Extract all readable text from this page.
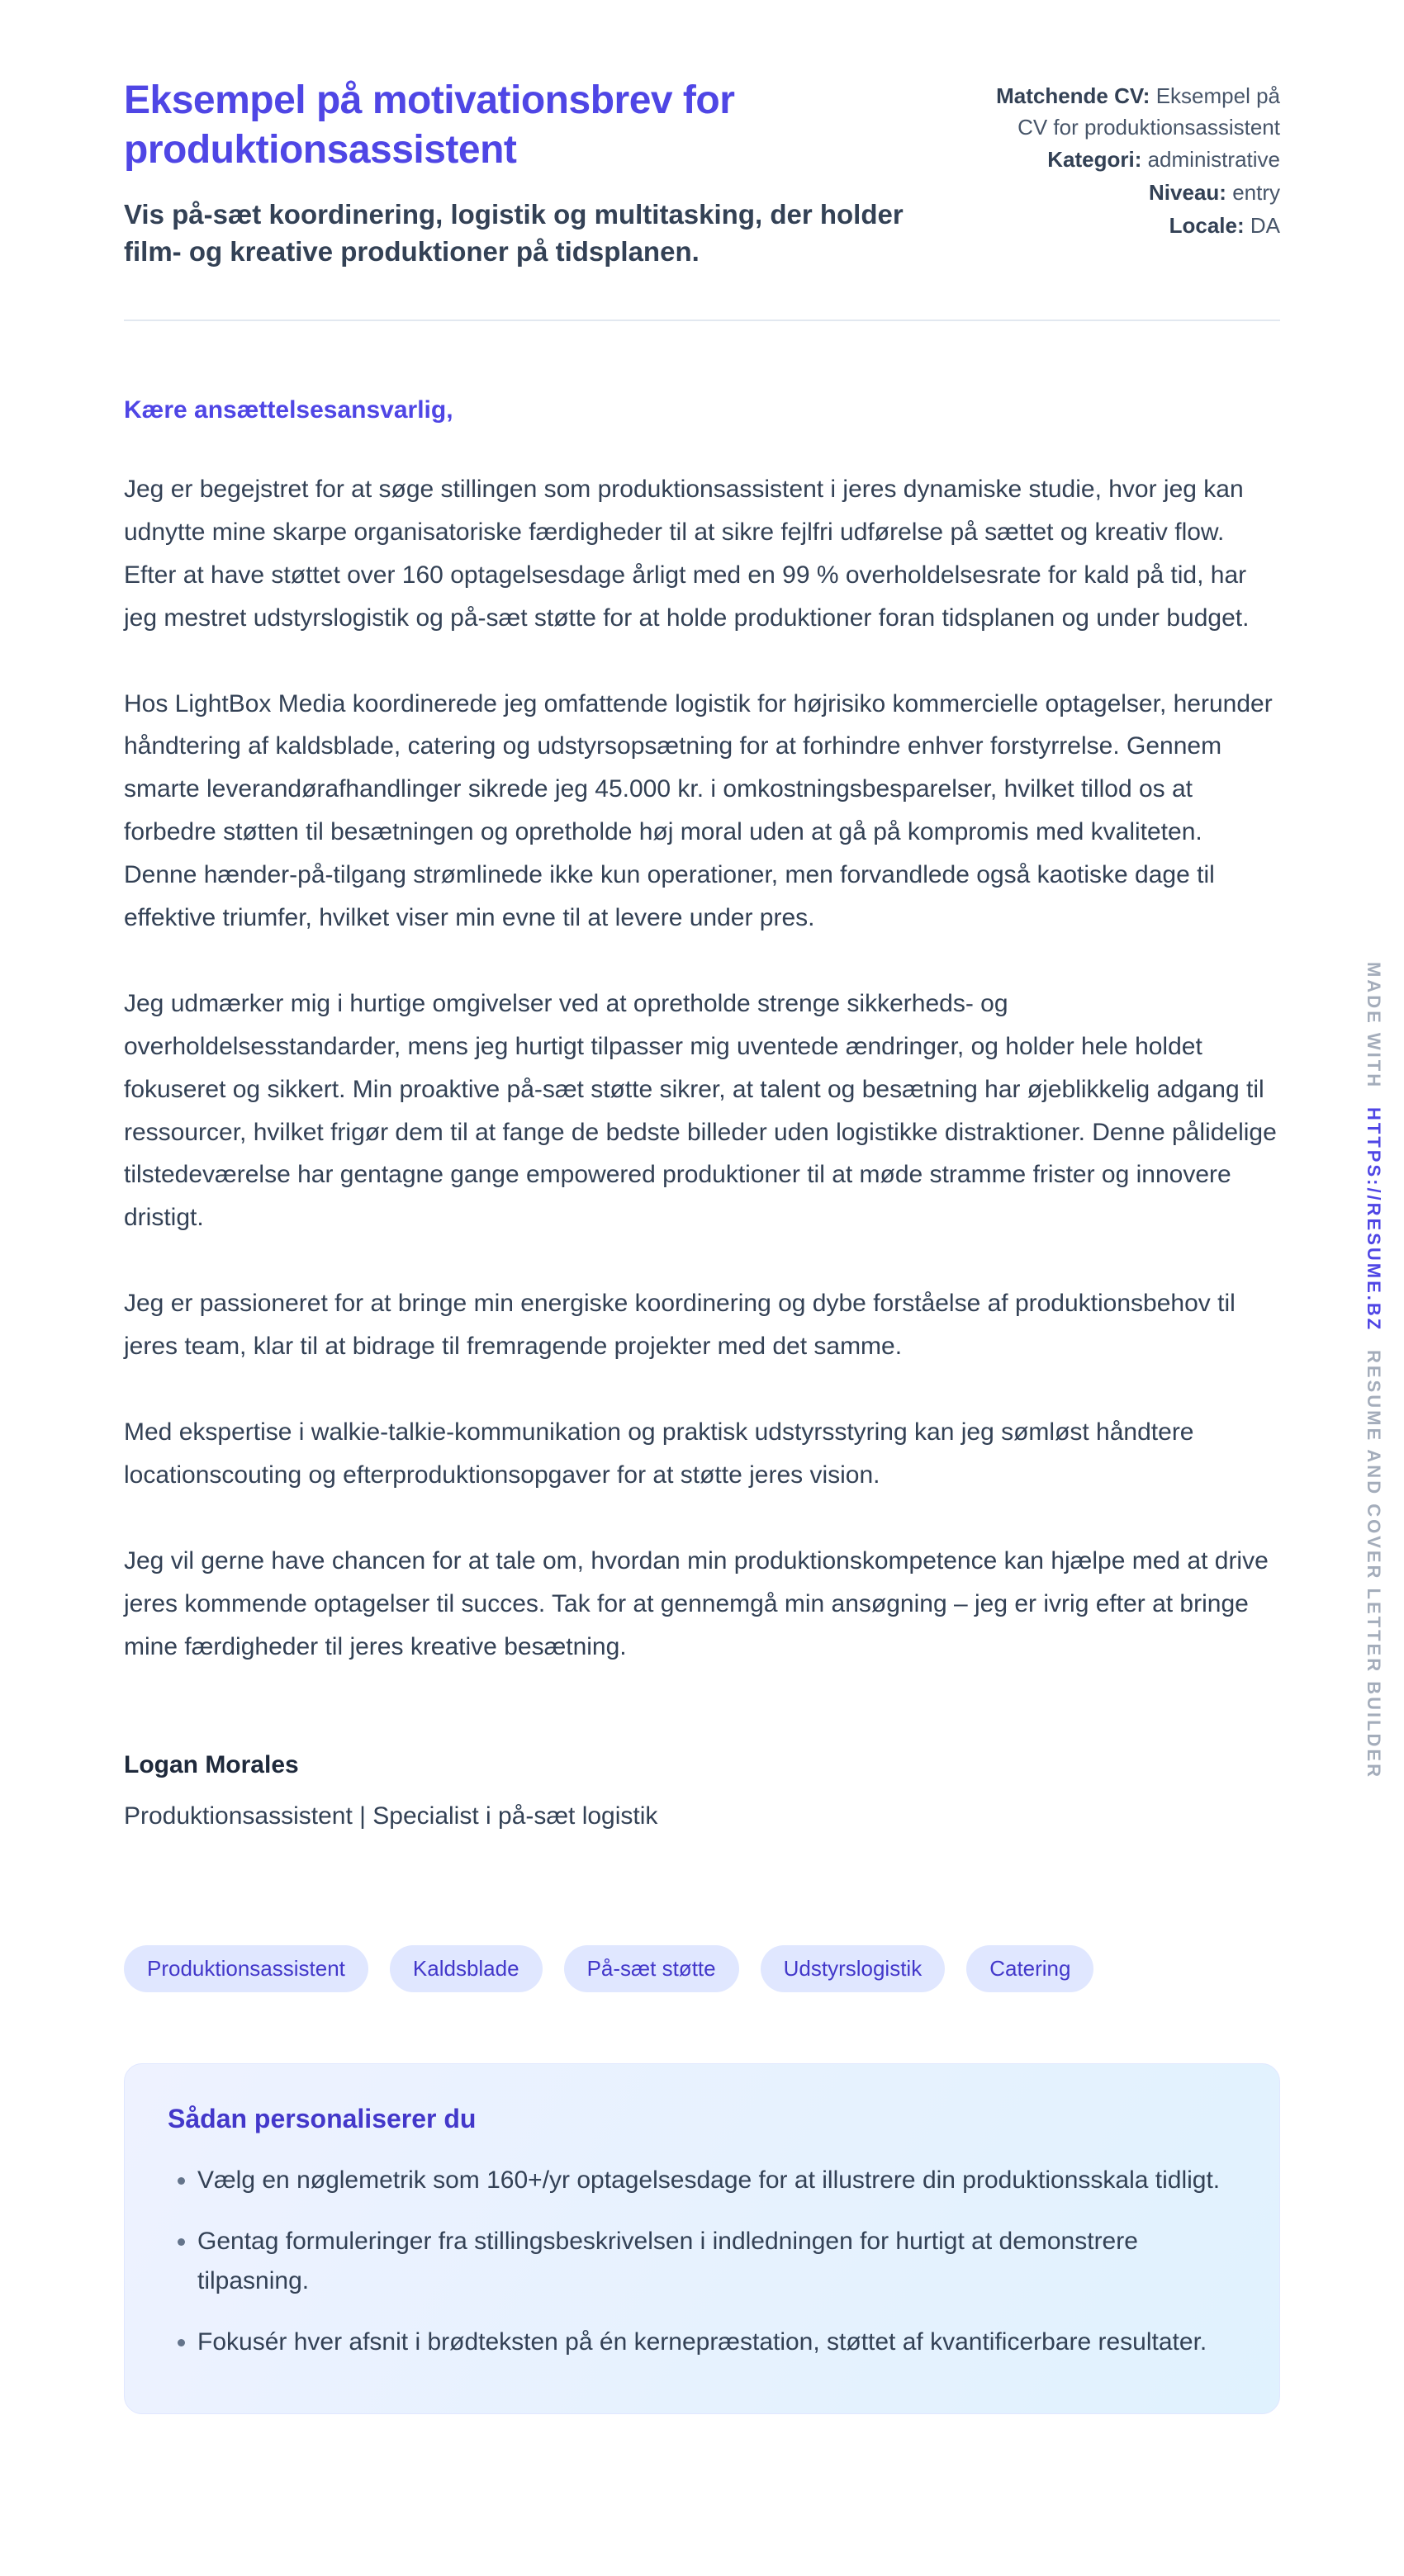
MADE WITH
HTTPS://RESUME.BZ
RESUME AND COVER LETTER BUILDER
Eksempel på motivationsbrev for produktionsassistent

Vis på-sæt koordinering, logistik og multitasking, der holder film- og kreative produktioner på tidsplanen.

Matchende CV: Eksempel på CV for produktionsassistent
Kategori: administrative
Niveau: entry
Locale: DA

Kære ansættelsesansvarlig,

Jeg er begejstret for at søge stillingen som produktionsassistent i jeres dynamiske studie, hvor jeg kan udnytte mine skarpe organisatoriske færdigheder til at sikre fejlfri udførelse på sættet og kreativ flow. Efter at have støttet over 160 optagelsesdage årligt med en 99 % overholdelsesrate for kald på tid, har jeg mestret udstyrslogistik og på-sæt støtte for at holde produktioner foran tidsplanen og under budget.

Hos LightBox Media koordinerede jeg omfattende logistik for højrisiko kommercielle optagelser, herunder håndtering af kaldsblade, catering og udstyrsopsætning for at forhindre enhver forstyrrelse. Gennem smarte leverandørafhandlinger sikrede jeg 45.000 kr. i omkostningsbesparelser, hvilket tillod os at forbedre støtten til besætningen og opretholde høj moral uden at gå på kompromis med kvaliteten. Denne hænder-på-tilgang strømlinede ikke kun operationer, men forvandlede også kaotiske dage til effektive triumfer, hvilket viser min evne til at levere under pres.

Jeg udmærker mig i hurtige omgivelser ved at opretholde strenge sikkerheds- og overholdelsesstandarder, mens jeg hurtigt tilpasser mig uventede ændringer, og holder hele holdet fokuseret og sikkert. Min proaktive på-sæt støtte sikrer, at talent og besætning har øjeblikkelig adgang til ressourcer, hvilket frigør dem til at fange de bedste billeder uden logistikke distraktioner. Denne pålidelige tilstedeværelse har gentagne gange empowered produktioner til at møde stramme frister og innovere dristigt.

Jeg er passioneret for at bringe min energiske koordinering og dybe forståelse af produktionsbehov til jeres team, klar til at bidrage til fremragende projekter med det samme.

Med ekspertise i walkie-talkie-kommunikation og praktisk udstyrsstyring kan jeg sømløst håndtere locationscouting og efterproduktionsopgaver for at støtte jeres vision.

Jeg vil gerne have chancen for at tale om, hvordan min produktionskompetence kan hjælpe med at drive jeres kommende optagelser til succes. Tak for at gennemgå min ansøgning – jeg er ivrig efter at bringe mine færdigheder til jeres kreative besætning.

Logan Morales

Produktionsassistent | Specialist i på-sæt logistik

Produktionsassistent	Kaldsblade	På-sæt støtte	Udstyrslogistik	Catering
Sådan personaliserer du
• Vælg en nøglemetrik som 160+/yr optagelsesdage for at illustrere din produktionsskala tidligt.
• Gentag formuleringer fra stillingsbeskrivelsen i indledningen for hurtigt at demonstrere tilpasning.
• Fokusér hver afsnit i brødteksten på én kernepræstation, støttet af kvantificerbare resultater.
